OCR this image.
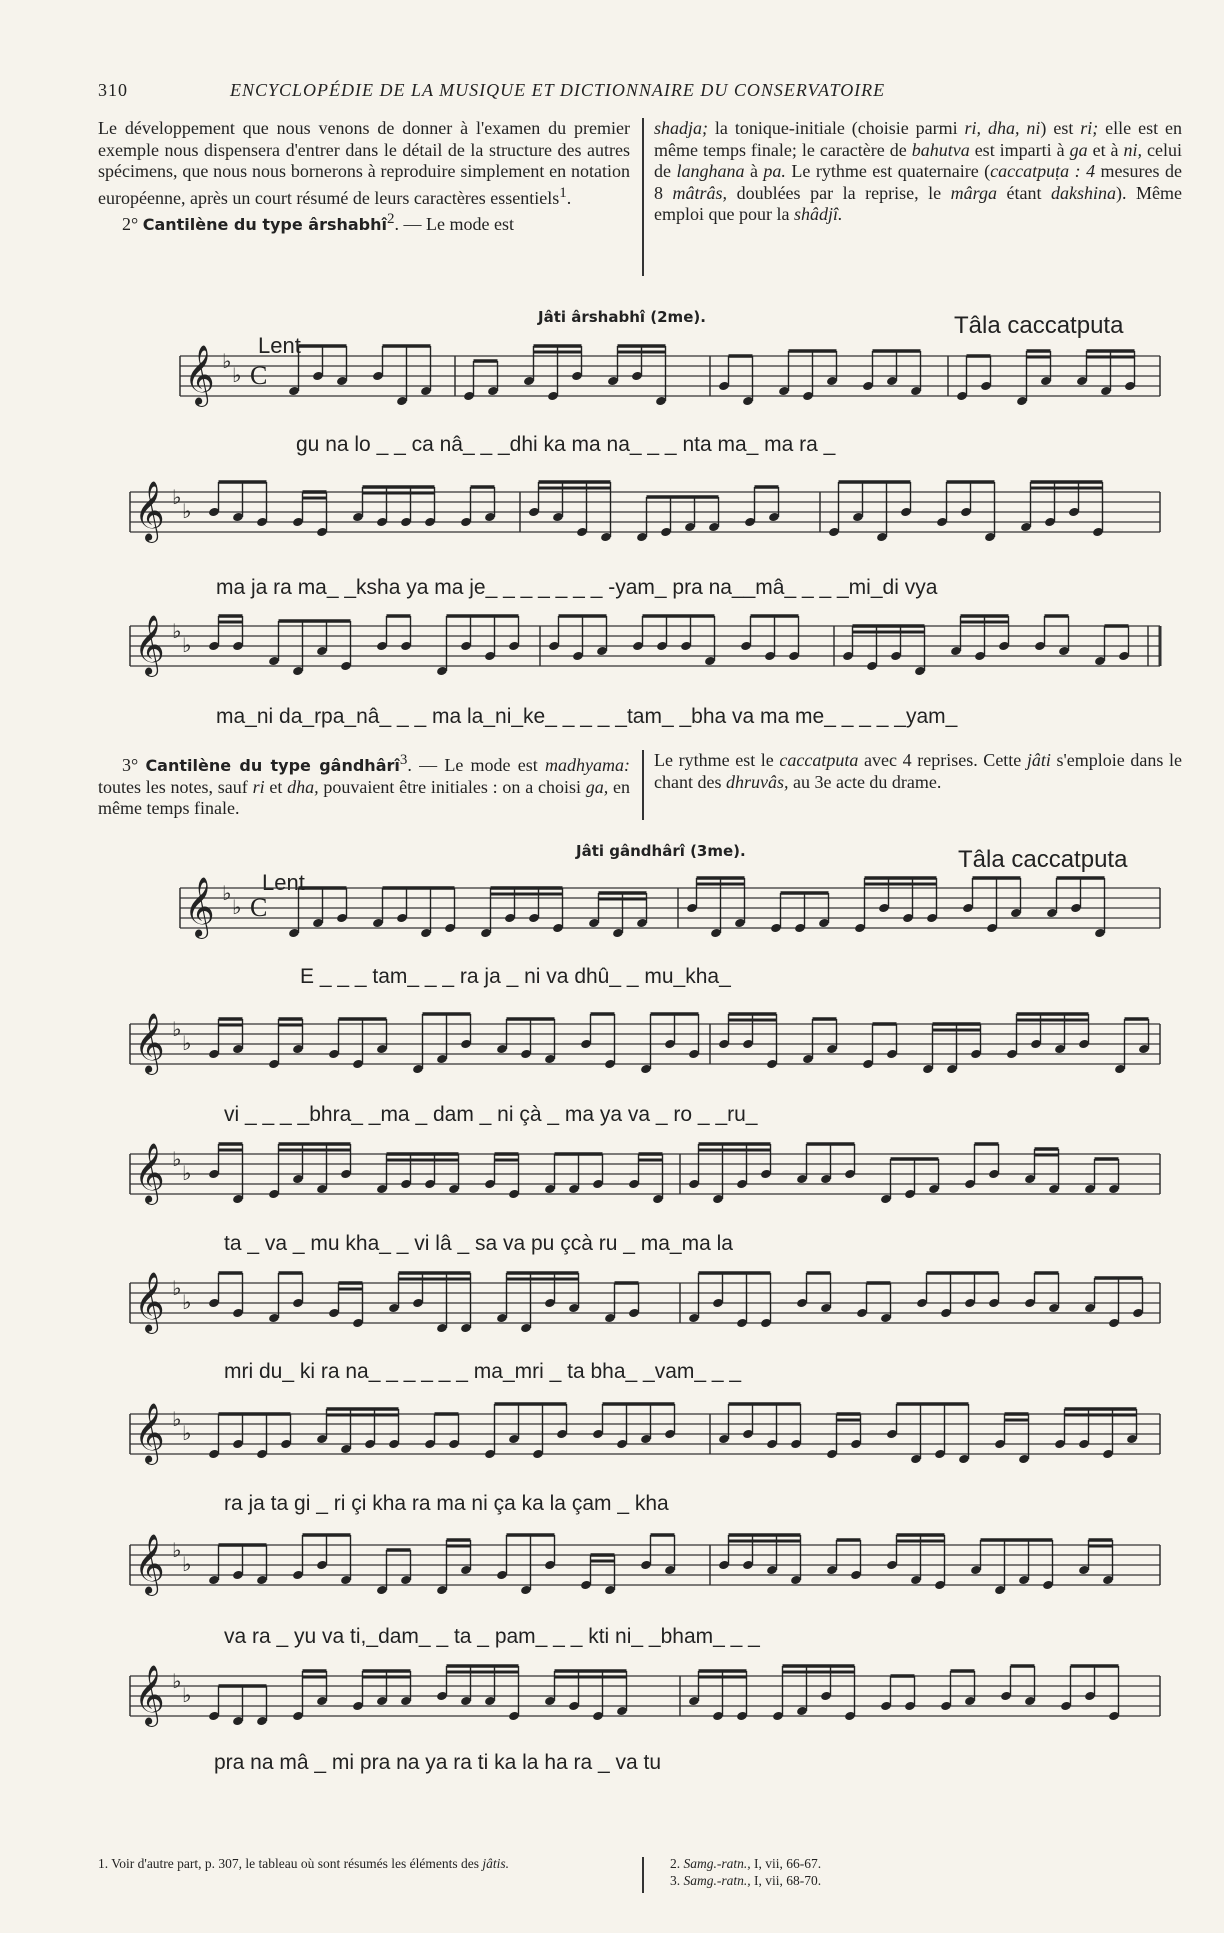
310	ENCYCLOPÉDIE DE LA MUSIQUE ET DICTIONNAIRE DU CONSERVATOIRE
Le développement que nous venons de donner à l'examen du premier exemple nous dispensera d'entrer dans le détail de la structure des autres spécimens, que nous nous bornerons à reproduire simplement en notation européenne, après un court résumé de leurs caractères essentiels$^1$.
2° Cantilène du type ârshabhî$^2$. — Le mode est
shadja; la tonique-initiale (choisie parmi ri, dha, ni) est ri; elle est en même temps finale; le caractère de bahutva est imparti à ga et à ni, celui de langhana à pa. Le rythme est quaternaire (caccatpuṭa : 4 mesures de 8 mâtrâs, doublées par la reprise, le mârga étant dakshina). Même emploi que pour la shâdjî.
Jâti ârshabhî (2me).	Tâla caccatputa
Lent
gu na lo _ _ ca nâ_ _ _dhi ka ma na_ _ _ nta ma_ ma ra _
ma ja ra ma_ _ksha ya ma je_ _ _ _ _ _ _ -yam_ pra na__mâ_ _ _ _mi_di vya
ma_ni da_rpa_nâ_ _ _ ma la_ni_ke_ _ _ _ _tam_ _bha va ma me_ _ _ _ _yam_
3° Cantilène du type gândhârî$^3$. — Le mode est madhyama: toutes les notes, sauf ri et dha, pouvaient être initiales : on a choisi ga, en même temps finale.
Le rythme est le caccatputa avec 4 reprises. Cette jâti s'emploie dans le chant des dhruvâs, au 3e acte du drame.
Jâti gândhârî (3me).	Tâla caccatputa
Lent
E _ _ _ tam_ _ _ ra ja _ ni va dhû_ _ mu_kha_
vi _ _ _ _bhra_ _ma _ dam _ ni çà _ ma ya va _ ro _ _ru_
ta _ va _ mu kha_ _ vi lâ _ sa va pu çcà ru _ ma_ma la
mri du_ ki ra na_ _ _ _ _ _ ma_mri _ ta bha_ _vam_ _ _
ra ja ta gi _ ri çi kha ra ma ni ça ka la çam _ kha
va ra _ yu va ti,_dam_ _ ta _ pam_ _ _ kti ni_ _bham_ _ _
pra na mâ _ mi pra na ya ra ti ka la ha ra _ va tu
𝄞 ♭
♭ C
𝄞 ♭
♭
𝄞 ♭
♭
𝄞 ♭
♭ C
𝄞 ♭
♭
𝄞 ♭
♭
𝄞 ♭
♭
𝄞 ♭
♭
𝄞 ♭
♭
𝄞 ♭
♭
1. Voir d'autre part, p. 307, le tableau où sont résumés les éléments des jâtis.	2. Samg.-ratn., I, vii, 66-67.
3. Samg.-ratn., I, vii, 68-70.
